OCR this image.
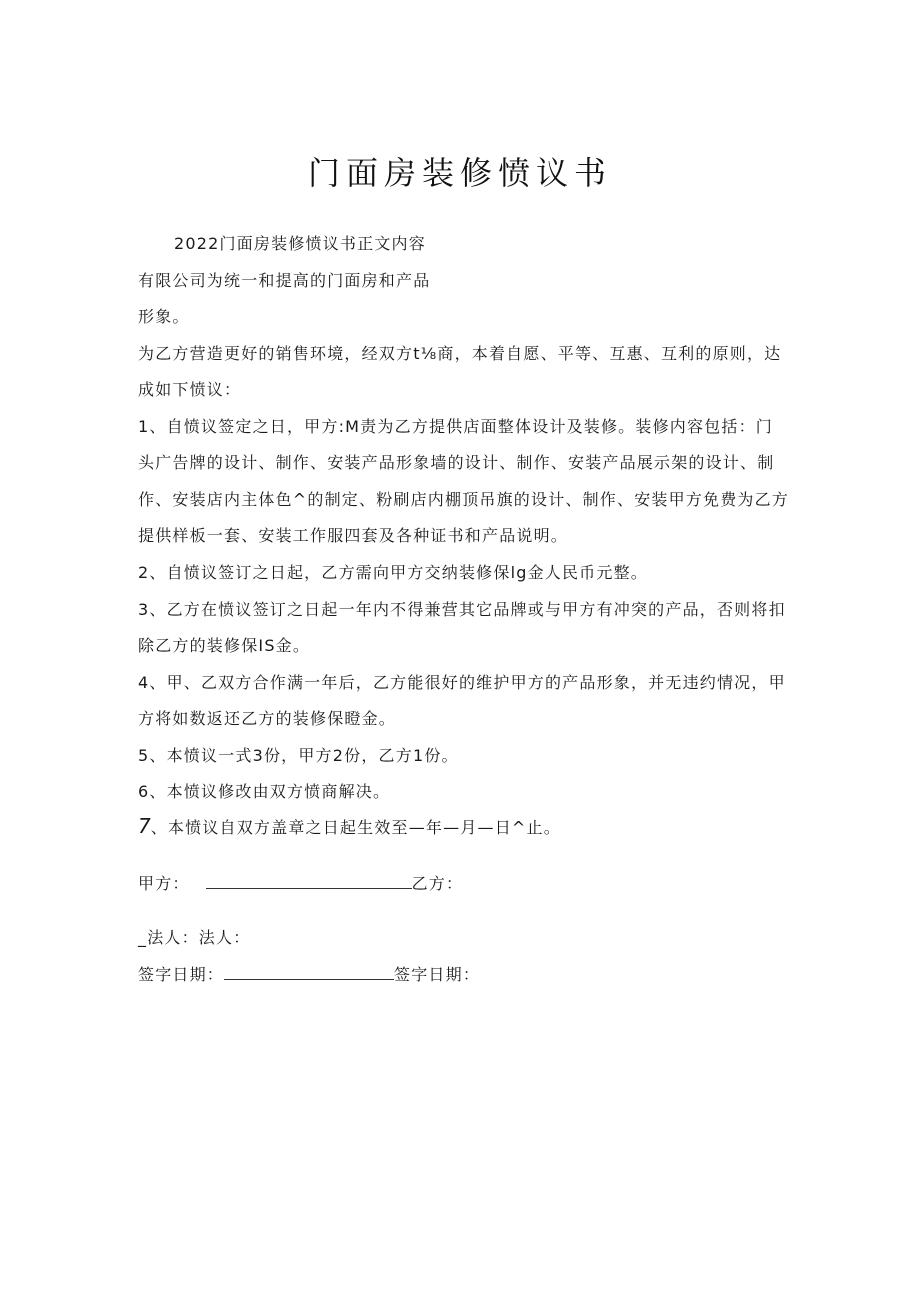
门面房装修愤议书
2022门面房装修愤议书正文内容
有限公司为统一和提高的门面房和产品
形象。
为乙方营造更好的销售环境，经双方t⅛商，本着自愿、平等、互惠、互利的原则，达
成如下愤议：
1、自愤议签定之日，甲方:M责为乙方提供店面整体设计及装修。装修内容包括：门
头广告牌的设计、制作、安装产品形象墙的设计、制作、安装产品展示架的设计、制
作、安装店内主体色^的制定、粉刷店内棚顶吊旗的设计、制作、安装甲方免费为乙方
提供样板一套、安装工作服四套及各种证书和产品说明。
2、自愤议签订之日起，乙方需向甲方交纳装修保lg金人民币元整。
3、乙方在愤议签订之日起一年内不得兼营其它品牌或与甲方有冲突的产品，否则将扣
除乙方的装修保IS金。
4、甲、乙双方合作满一年后，乙方能很好的维护甲方的产品形象，并无违约情况，甲
方将如数返还乙方的装修保瞪金。
5、本愤议一式3份，甲方2份，乙方1份。
6、本愤议修改由双方愤商解决。
7、本愤议自双方盖章之日起生效至—年—月—日^止。
甲方：	乙方：
_法人：法人：
签字日期：	签字日期：
